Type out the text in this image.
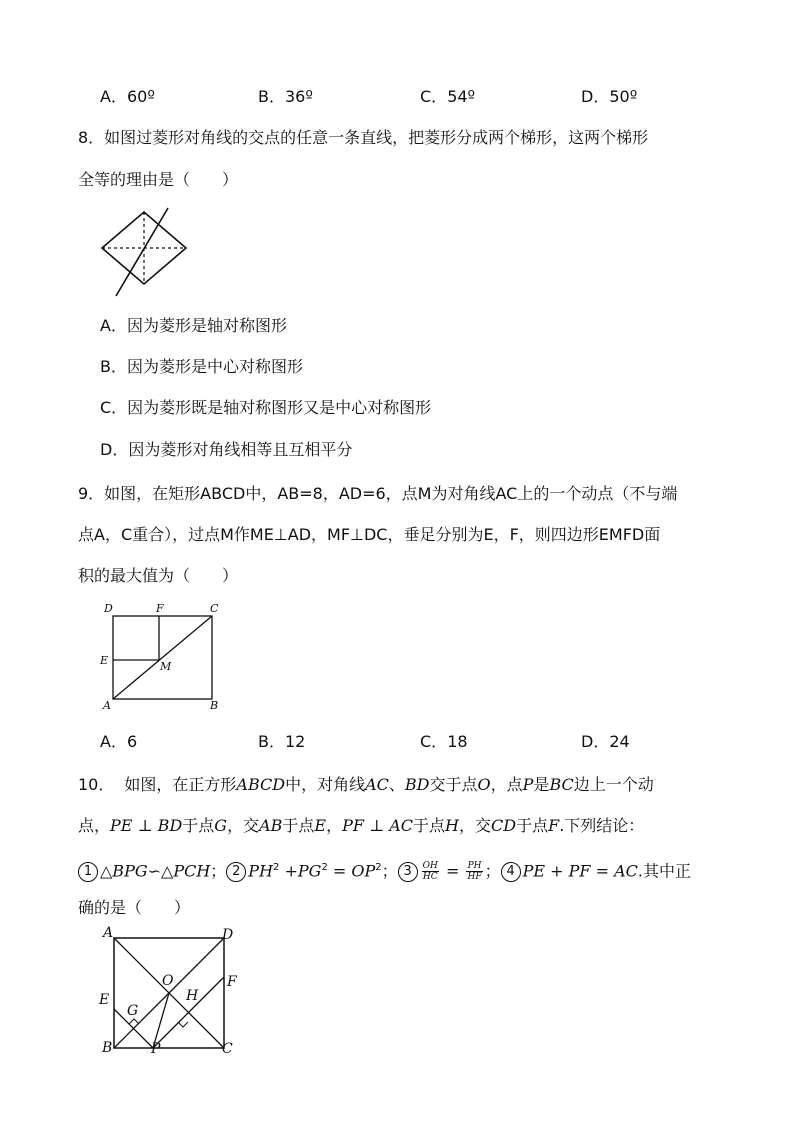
A．60º	B．36º	C．54º	D．50º
8．如图过菱形对角线的交点的任意一条直线，把菱形分成两个梯形，这两个梯形
全等的理由是（　　）
A．因为菱形是轴对称图形
B．因为菱形是中心对称图形
C．因为菱形既是轴对称图形又是中心对称图形
D．因为菱形对角线相等且互相平分
9．如图，在矩形ABCD中，AB=8，AD=6，点M为对角线AC上的一个动点（不与端
点A，C重合），过点M作ME⊥AD，MF⊥DC，垂足分别为E，F，则四边形EMFD面
积的最大值为（　　）
D	F	C
E	M
A	B
A．6	B．12	C．18	D．24
10． 如图，在正方形ABCD中，对角线AC、BD交于点O，点P是BC边上一个动
点，PE ⊥ BD于点G，交AB于点E，PF ⊥ AC于点H，交CD于点F.下列结论：
1 △BPG∽△PCH； 2 $PH^2 +PG^2 = OP^2$； $3 \frac{OH}{HC} = \frac{PH}{HF}$ ； 4 PE + PF = AC.其中正
确的是（　　）
A	D
E
F
O
G
H
B	P	C
